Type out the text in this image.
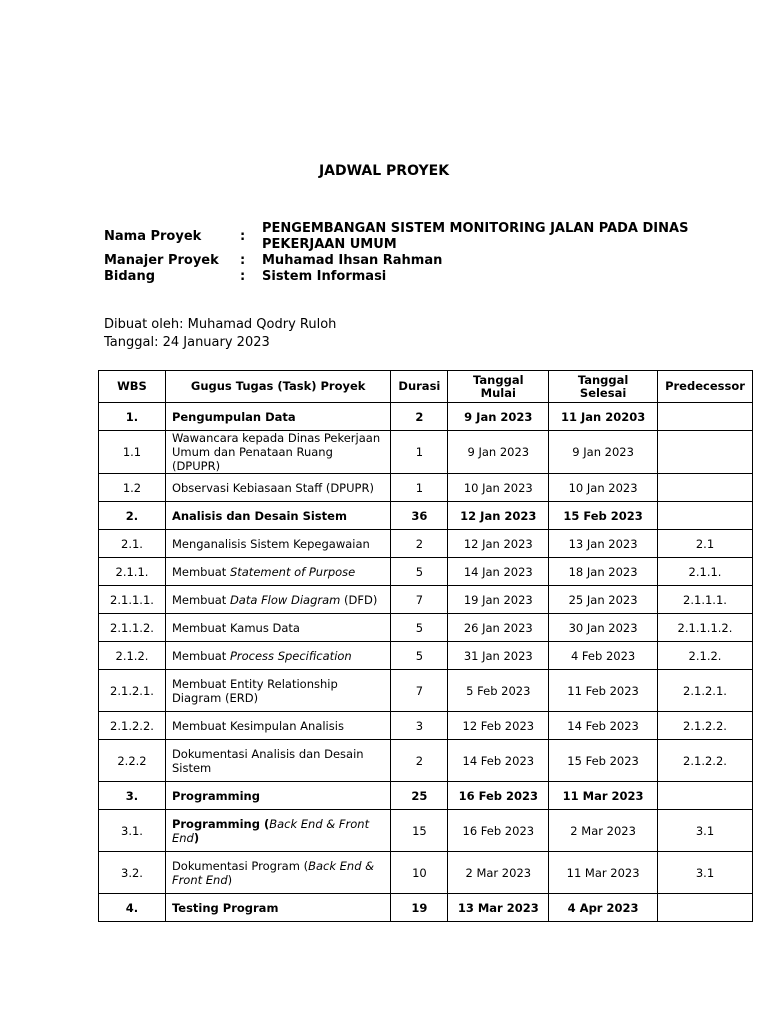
JADWAL PROYEK
Nama Proyek	:
PENGEMBANGAN SISTEM MONITORING JALAN PADA DINAS PEKERJAAN UMUM
Manajer Proyek	: Muhamad Ihsan Rahman
Bidang	: Sistem Informasi
Dibuat oleh: Muhamad Qodry Ruloh
Tanggal: 24 January 2023
WBS	Gugus Tugas (Task) Proyek	Durasi	Tanggal Mulai	Tanggal Selesai	Predecessor
1.	Pengumpulan Data	2	9 Jan 2023	11 Jan 20203	
1.1	Wawancara kepada Dinas Pekerjaan Umum dan Penataan Ruang (DPUPR)	1	9 Jan 2023	9 Jan 2023	
1.2	Observasi Kebiasaan Staff (DPUPR)	1	10 Jan 2023	10 Jan 2023	
2.	Analisis dan Desain Sistem	36	12 Jan 2023	15 Feb 2023	
2.1.	Menganalisis Sistem Kepegawaian	2	12 Jan 2023	13 Jan 2023	2.1
2.1.1.	Membuat Statement of Purpose	5	14 Jan 2023	18 Jan 2023	2.1.1.
2.1.1.1.	Membuat Data Flow Diagram (DFD)	7	19 Jan 2023	25 Jan 2023	2.1.1.1.
2.1.1.2.	Membuat Kamus Data	5	26 Jan 2023	30 Jan 2023	2.1.1.1.2.
2.1.2.	Membuat Process Specification	5	31 Jan 2023	4 Feb 2023	2.1.2.
2.1.2.1.	Membuat Entity Relationship Diagram (ERD)	7	5 Feb 2023	11 Feb 2023	2.1.2.1.
2.1.2.2.	Membuat Kesimpulan Analisis	3	12 Feb 2023	14 Feb 2023	2.1.2.2.
2.2.2	Dokumentasi Analisis dan Desain Sistem	2	14 Feb 2023	15 Feb 2023	2.1.2.2.
3.	Programming	25	16 Feb 2023	11 Mar 2023	
3.1.	Programming (Back End & Front End)	15	16 Feb 2023	2 Mar 2023	3.1
3.2.	Dokumentasi Program (Back End & Front End)	10	2 Mar 2023	11 Mar 2023	3.1
4.	Testing Program	19	13 Mar 2023	4 Apr 2023	
